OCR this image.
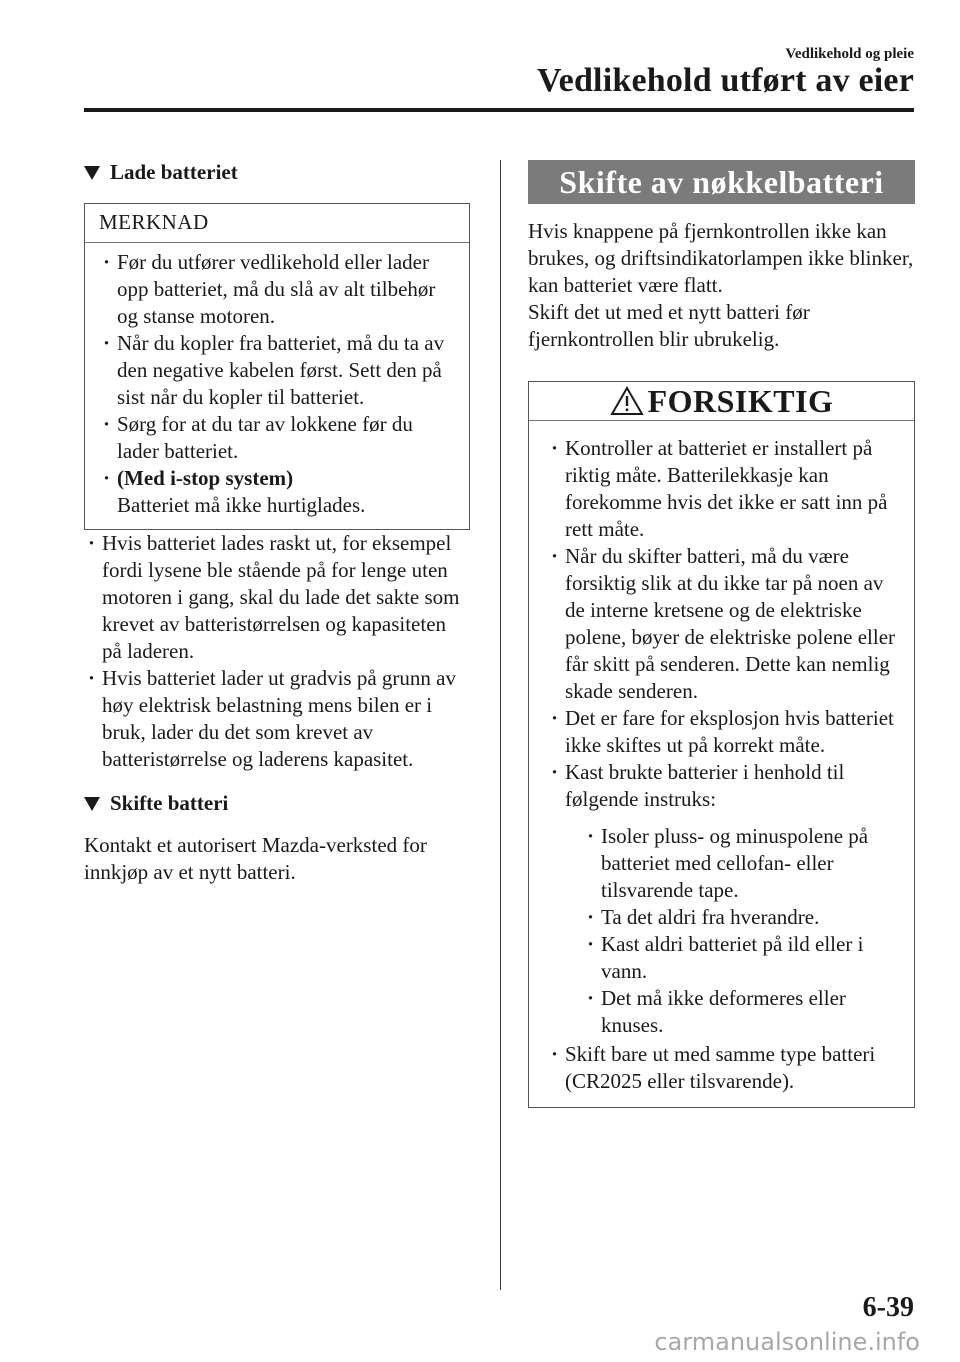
Vedlikehold og pleie
Vedlikehold utført av eier
Lade batteriet
MERKNAD
· Før du utfører vedlikehold eller lader opp batteriet, må du slå av alt tilbehør og stanse motoren.
· Når du kopler fra batteriet, må du ta av den negative kabelen først. Sett den på sist når du kopler til batteriet.
· Sørg for at du tar av lokkene før du lader batteriet.
· (Med i-stop system)
Batteriet må ikke hurtiglades.
· Hvis batteriet lades raskt ut, for eksempel fordi lysene ble stående på for lenge uten motoren i gang, skal du lade det sakte som krevet av batteristørrelsen og kapasiteten på laderen.
· Hvis batteriet lader ut gradvis på grunn av høy elektrisk belastning mens bilen er i bruk, lader du det som krevet av batteristørrelse og laderens kapasitet.
Skifte batteri

Kontakt et autorisert Mazda-verksted for innkjøp av et nytt batteri.

Skifte av nøkkelbatteri

Hvis knappene på fjernkontrollen ikke kan brukes, og driftsindikatorlampen ikke blinker, kan batteriet være flatt.

Skift det ut med et nytt batteri før fjernkontrollen blir ubrukelig.

FORSIKTIG
· Kontroller at batteriet er installert på riktig måte. Batterilekkasje kan forekomme hvis det ikke er satt inn på rett måte.
· Når du skifter batteri, må du være forsiktig slik at du ikke tar på noen av de interne kretsene og de elektriske polene, bøyer de elektriske polene eller får skitt på senderen. Dette kan nemlig skade senderen.
· Det er fare for eksplosjon hvis batteriet ikke skiftes ut på korrekt måte.
· Kast brukte batterier i henhold til følgende instruks:
· Isoler pluss- og minuspolene på batteriet med cellofan- eller tilsvarende tape.
· Ta det aldri fra hverandre.
· Kast aldri batteriet på ild eller i vann.
· Det må ikke deformeres eller knuses.
· Skift bare ut med samme type batteri (CR2025 eller tilsvarende).
6-39
carmanualsonline.info
